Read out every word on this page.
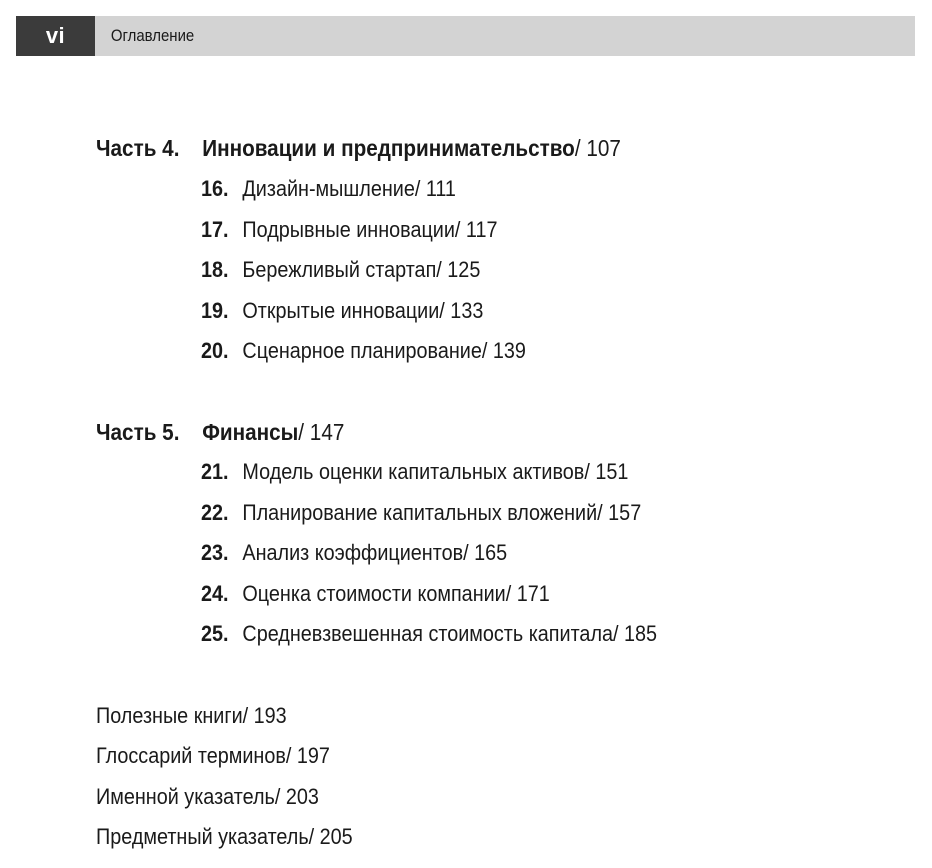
vi	Оглавление
Часть 4. Инновации и предпринимательство/ 107
16. Дизайн-мышление/ 111
17. Подрывные инновации/ 117
18. Бережливый стартап/ 125
19. Открытые инновации/ 133
20. Сценарное планирование/ 139
Часть 5. Финансы/ 147
21. Модель оценки капитальных активов/ 151
22. Планирование капитальных вложений/ 157
23. Анализ коэффициентов/ 165
24. Оценка стоимости компании/ 171
25. Средневзвешенная стоимость капитала/ 185
Полезные книги/ 193
Глоссарий терминов/ 197
Именной указатель/ 203
Предметный указатель/ 205
